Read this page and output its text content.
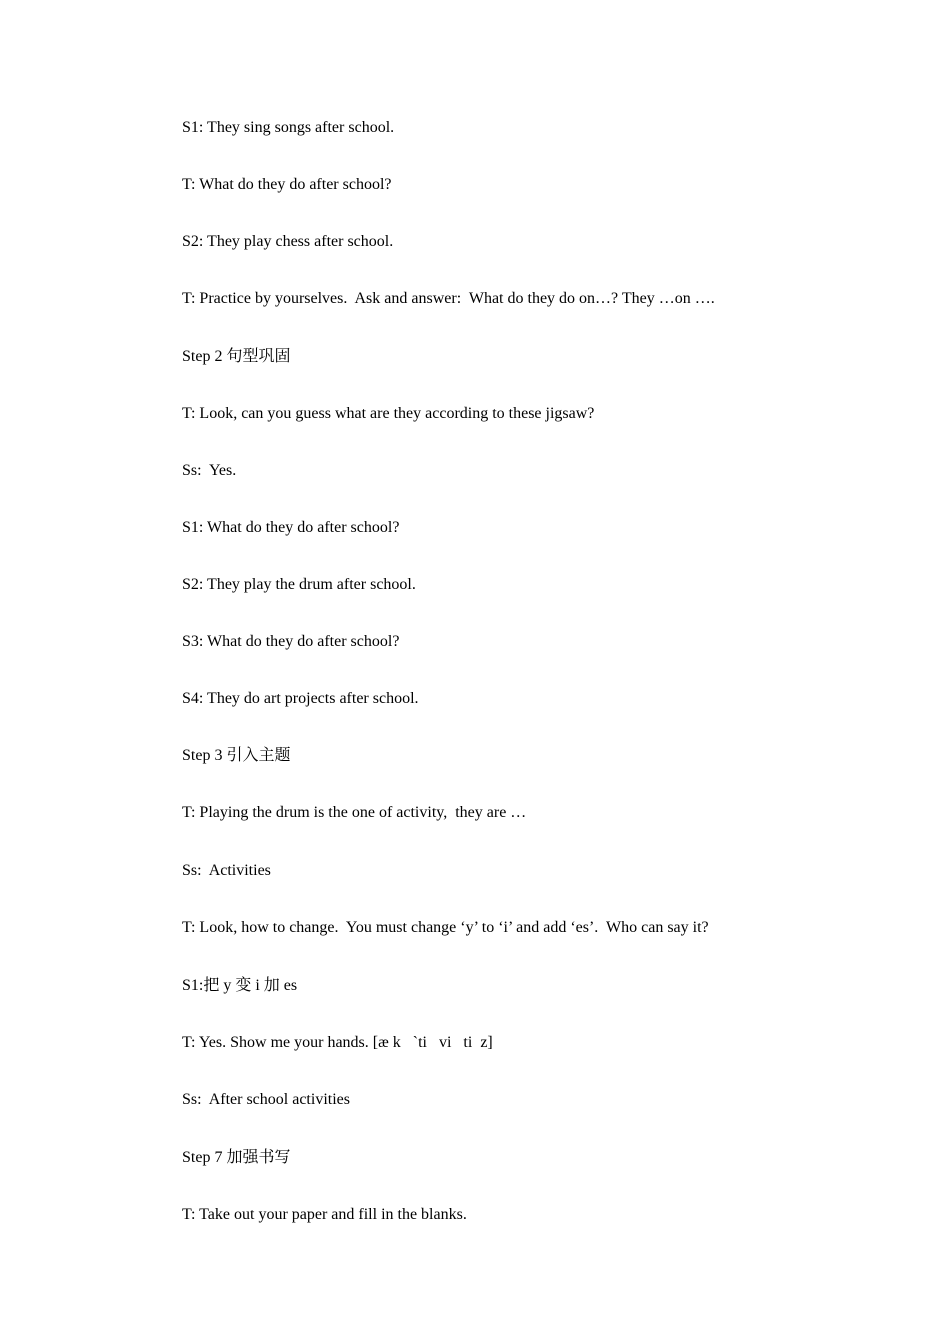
S1: They sing songs after school.

T: What do they do after school?

S2: They play chess after school.

T: Practice by yourselves.  Ask and answer:  What do they do on…? They …on ….

Step 2 句型巩固

T: Look, can you guess what are they according to these jigsaw?

Ss:  Yes.

S1: What do they do after school?

S2: They play the drum after school.

S3: What do they do after school?

S4: They do art projects after school.

Step 3 引入主题

T: Playing the drum is the one of activity,  they are …

Ss:  Activities

T: Look, how to change.  You must change ‘y’ to ‘i’ and add ‘es’.  Who can say it?

S1:把 y 变 i 加 es

T: Yes. Show me your hands. [æ k   `ti   vi   ti  z]

Ss:  After school activities

Step 7 加强书写

T: Take out your paper and fill in the blanks.
